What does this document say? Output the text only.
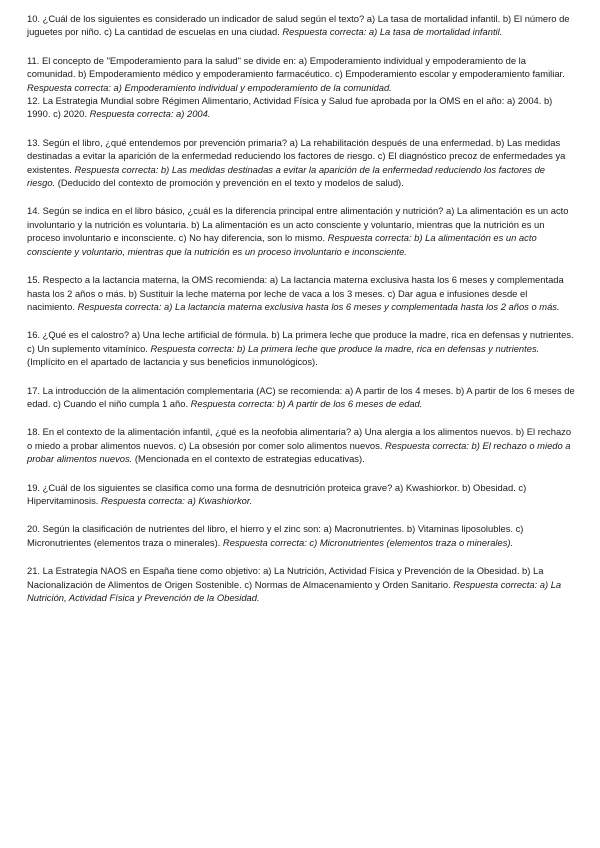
10. ¿Cuál de los siguientes es considerado un indicador de salud según el texto? a) La tasa de mortalidad infantil. b) El número de juguetes por niño. c) La cantidad de escuelas en una ciudad. Respuesta correcta: a) La tasa de mortalidad infantil.

11. El concepto de "Empoderamiento para la salud" se divide en: a) Empoderamiento individual y empoderamiento de la comunidad. b) Empoderamiento médico y empoderamiento farmacéutico. c) Empoderamiento escolar y empoderamiento familiar. Respuesta correcta: a) Empoderamiento individual y empoderamiento de la comunidad.

12. La Estrategia Mundial sobre Régimen Alimentario, Actividad Física y Salud fue aprobada por la OMS en el año: a) 2004. b) 1990. c) 2020. Respuesta correcta: a) 2004.

13. Según el libro, ¿qué entendemos por prevención primaria? a) La rehabilitación después de una enfermedad. b) Las medidas destinadas a evitar la aparición de la enfermedad reduciendo los factores de riesgo. c) El diagnóstico precoz de enfermedades ya existentes. Respuesta correcta: b) Las medidas destinadas a evitar la aparición de la enfermedad reduciendo los factores de riesgo. (Deducido del contexto de promoción y prevención en el texto y modelos de salud).

14. Según se indica en el libro básico, ¿cuál es la diferencia principal entre alimentación y nutrición? a) La alimentación es un acto involuntario y la nutrición es voluntaria. b) La alimentación es un acto consciente y voluntario, mientras que la nutrición es un proceso involuntario e inconsciente. c) No hay diferencia, son lo mismo. Respuesta correcta: b) La alimentación es un acto consciente y voluntario, mientras que la nutrición es un proceso involuntario e inconsciente.

15. Respecto a la lactancia materna, la OMS recomienda: a) La lactancia materna exclusiva hasta los 6 meses y complementada hasta los 2 años o más. b) Sustituir la leche materna por leche de vaca a los 3 meses. c) Dar agua e infusiones desde el nacimiento. Respuesta correcta: a) La lactancia materna exclusiva hasta los 6 meses y complementada hasta los 2 años o más.

16. ¿Qué es el calostro? a) Una leche artificial de fórmula. b) La primera leche que produce la madre, rica en defensas y nutrientes. c) Un suplemento vitamínico. Respuesta correcta: b) La primera leche que produce la madre, rica en defensas y nutrientes. (Implícito en el apartado de lactancia y sus beneficios inmunológicos).

17. La introducción de la alimentación complementaria (AC) se recomienda: a) A partir de los 4 meses. b) A partir de los 6 meses de edad. c) Cuando el niño cumpla 1 año. Respuesta correcta: b) A partir de los 6 meses de edad.

18. En el contexto de la alimentación infantil, ¿qué es la neofobia alimentaria? a) Una alergia a los alimentos nuevos. b) El rechazo o miedo a probar alimentos nuevos. c) La obsesión por comer solo alimentos nuevos. Respuesta correcta: b) El rechazo o miedo a probar alimentos nuevos. (Mencionada en el contexto de estrategias educativas).

19. ¿Cuál de los siguientes se clasifica como una forma de desnutrición proteica grave? a) Kwashiorkor. b) Obesidad. c) Hipervitaminosis. Respuesta correcta: a) Kwashiorkor.

20. Según la clasificación de nutrientes del libro, el hierro y el zinc son: a) Macronutrientes. b) Vitaminas liposolubles. c) Micronutrientes (elementos traza o minerales). Respuesta correcta: c) Micronutrientes (elementos traza o minerales).

21. La Estrategia NAOS en España tiene como objetivo: a) La Nutrición, Actividad Física y Prevención de la Obesidad. b) La Nacionalización de Alimentos de Origen Sostenible. c) Normas de Almacenamiento y Orden Sanitario. Respuesta correcta: a) La Nutrición, Actividad Física y Prevención de la Obesidad.
